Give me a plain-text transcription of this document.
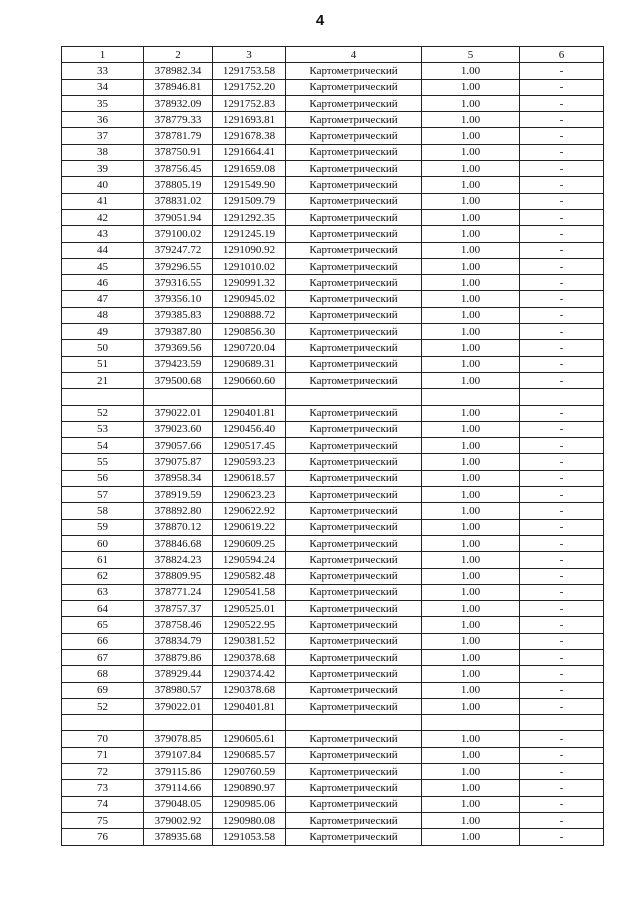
4
1	2	3	4	5	6
33	378982.34	1291753.58	Картометрический	1.00	-
34	378946.81	1291752.20	Картометрический	1.00	-
35	378932.09	1291752.83	Картометрический	1.00	-
36	378779.33	1291693.81	Картометрический	1.00	-
37	378781.79	1291678.38	Картометрический	1.00	-
38	378750.91	1291664.41	Картометрический	1.00	-
39	378756.45	1291659.08	Картометрический	1.00	-
40	378805.19	1291549.90	Картометрический	1.00	-
41	378831.02	1291509.79	Картометрический	1.00	-
42	379051.94	1291292.35	Картометрический	1.00	-
43	379100.02	1291245.19	Картометрический	1.00	-
44	379247.72	1291090.92	Картометрический	1.00	-
45	379296.55	1291010.02	Картометрический	1.00	-
46	379316.55	1290991.32	Картометрический	1.00	-
47	379356.10	1290945.02	Картометрический	1.00	-
48	379385.83	1290888.72	Картометрический	1.00	-
49	379387.80	1290856.30	Картометрический	1.00	-
50	379369.56	1290720.04	Картометрический	1.00	-
51	379423.59	1290689.31	Картометрический	1.00	-
21	379500.68	1290660.60	Картометрический	1.00	-

52	379022.01	1290401.81	Картометрический	1.00	-
53	379023.60	1290456.40	Картометрический	1.00	-
54	379057.66	1290517.45	Картометрический	1.00	-
55	379075.87	1290593.23	Картометрический	1.00	-
56	378958.34	1290618.57	Картометрический	1.00	-
57	378919.59	1290623.23	Картометрический	1.00	-
58	378892.80	1290622.92	Картометрический	1.00	-
59	378870.12	1290619.22	Картометрический	1.00	-
60	378846.68	1290609.25	Картометрический	1.00	-
61	378824.23	1290594.24	Картометрический	1.00	-
62	378809.95	1290582.48	Картометрический	1.00	-
63	378771.24	1290541.58	Картометрический	1.00	-
64	378757.37	1290525.01	Картометрический	1.00	-
65	378758.46	1290522.95	Картометрический	1.00	-
66	378834.79	1290381.52	Картометрический	1.00	-
67	378879.86	1290378.68	Картометрический	1.00	-
68	378929.44	1290374.42	Картометрический	1.00	-
69	378980.57	1290378.68	Картометрический	1.00	-
52	379022.01	1290401.81	Картометрический	1.00	-

70	379078.85	1290605.61	Картометрический	1.00	-
71	379107.84	1290685.57	Картометрический	1.00	-
72	379115.86	1290760.59	Картометрический	1.00	-
73	379114.66	1290890.97	Картометрический	1.00	-
74	379048.05	1290985.06	Картометрический	1.00	-
75	379002.92	1290980.08	Картометрический	1.00	-
76	378935.68	1291053.58	Картометрический	1.00	-
